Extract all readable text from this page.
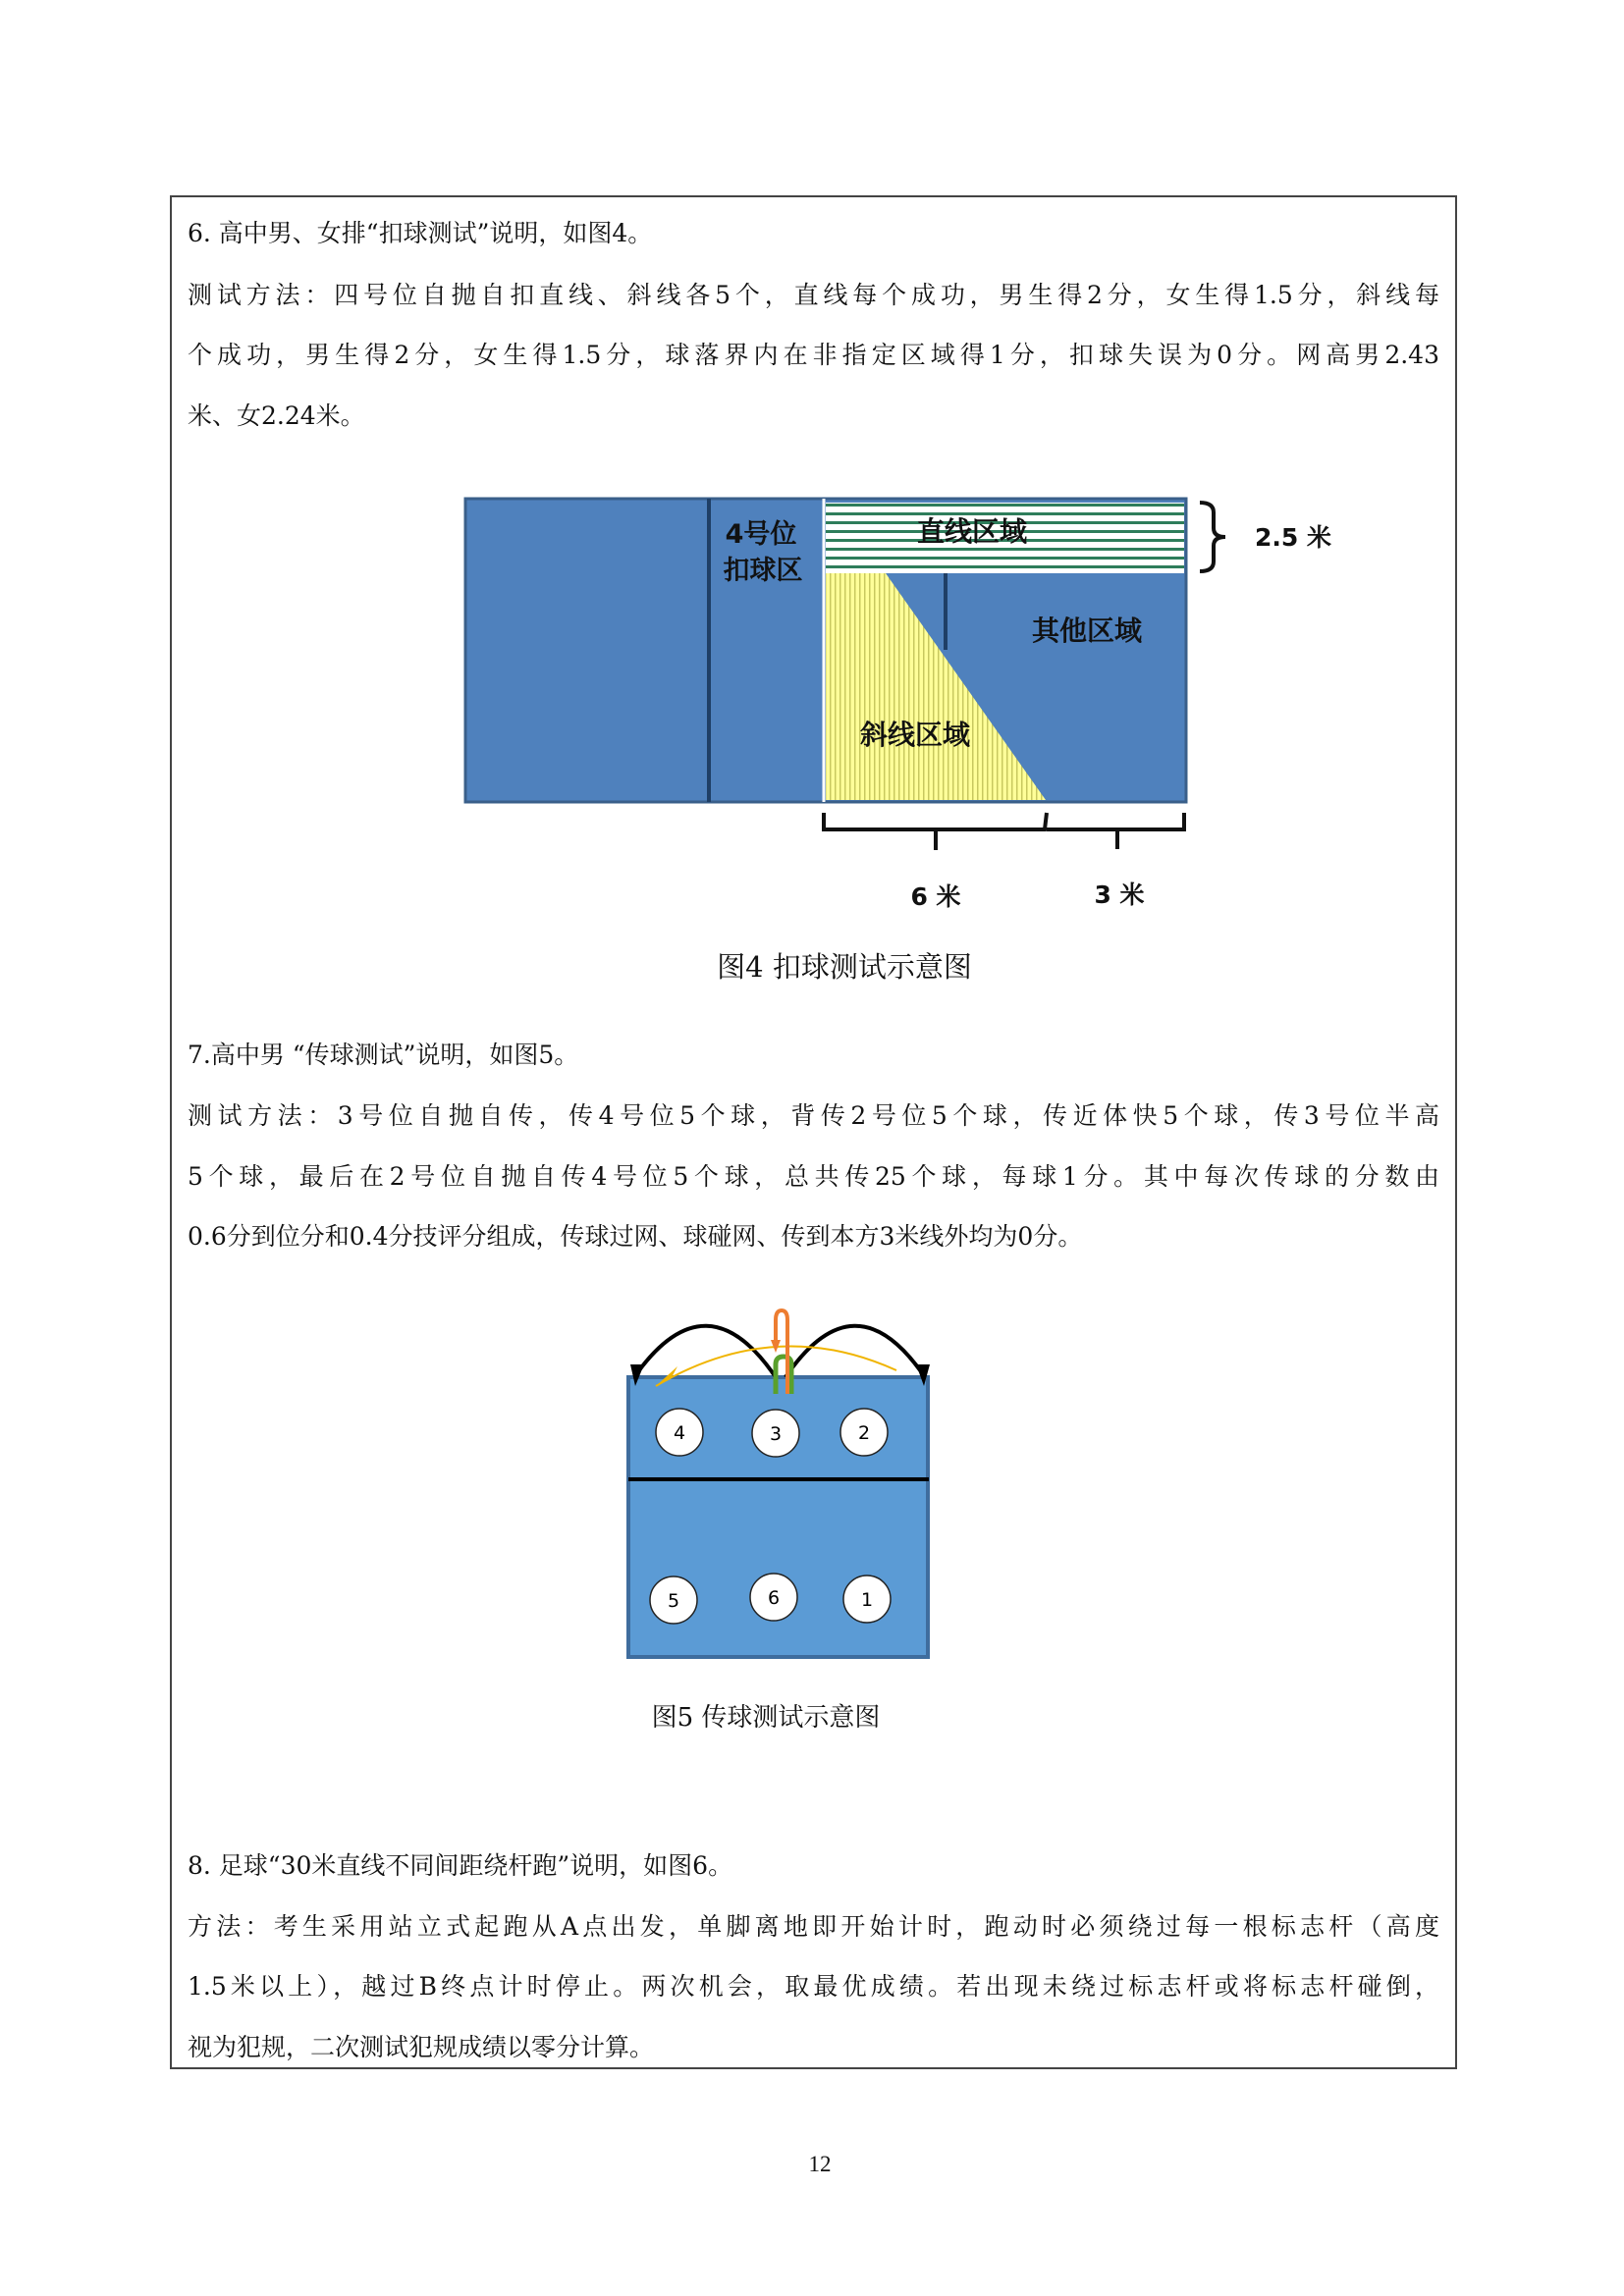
6. 高中男、女排“扣球测试”说明，如图4。
测试方法：四号位自抛自扣直线、斜线各5个，直线每个成功，男生得2分，女生得1.5分，斜线每
个成功，男生得2分，女生得1.5分，球落界内在非指定区域得1分，扣球失误为0分。网高男2.43
米、女2.24米。
4号位
扣球区
直线区域
其他区域
斜线区域
2.5 米
6 米	3 米
4	3	2
5	6	1
图4 扣球测试示意图
7.高中男 “传球测试”说明，如图5。
测试方法：3号位自抛自传，传4号位5个球，背传2号位5个球，传近体快5个球，传3号位半高
5个球，最后在2号位自抛自传4号位5个球，总共传25个球，每球1分。其中每次传球的分数由
0.6分到位分和0.4分技评分组成，传球过网、球碰网、传到本方3米线外均为0分。
图5 传球测试示意图
8. 足球“30米直线不同间距绕杆跑”说明，如图6。
方法：考生采用站立式起跑从A点出发，单脚离地即开始计时，跑动时必须绕过每一根标志杆（高度
1.5米以上），越过B终点计时停止。两次机会，取最优成绩。若出现未绕过标志杆或将标志杆碰倒，
视为犯规，二次测试犯规成绩以零分计算。
12
